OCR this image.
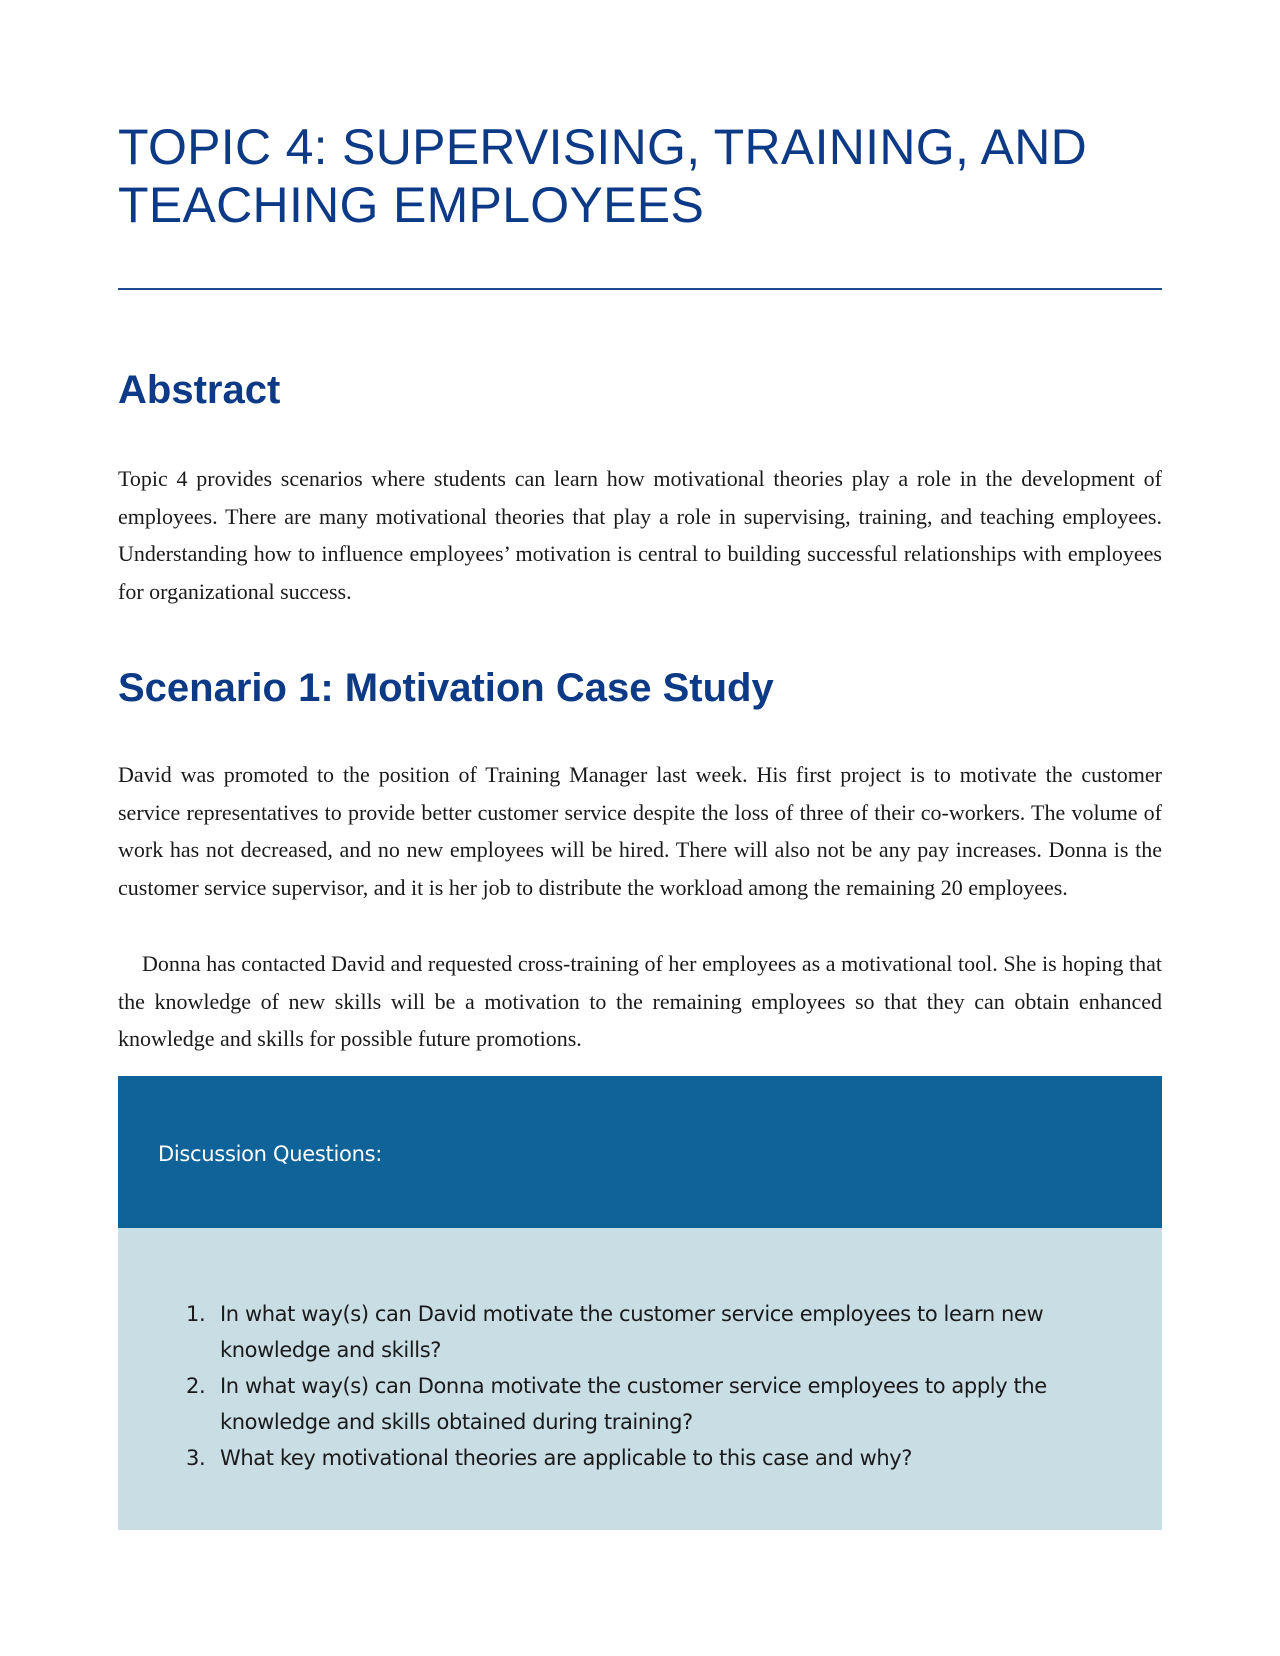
TOPIC 4: SUPERVISING, TRAINING, AND TEACHING EMPLOYEES
Abstract

Topic 4 provides scenarios where students can learn how motivational theories play a role in the development of employees. There are many motivational theories that play a role in supervising, training, and teaching employees. Understanding how to influence employees’ motivation is central to building successful relationships with employees for organizational success.

Scenario 1: Motivation Case Study

David was promoted to the position of Training Manager last week. His first project is to motivate the customer service representatives to provide better customer service despite the loss of three of their co-workers. The volume of work has not decreased, and no new employees will be hired. There will also not be any pay increases. Donna is the customer service supervisor, and it is her job to distribute the workload among the remaining 20 employees.

Donna has contacted David and requested cross-training of her employees as a motivational tool. She is hoping that the knowledge of new skills will be a motivation to the remaining employees so that they can obtain enhanced knowledge and skills for possible future promotions.

Discussion Questions:
1. In what way(s) can David motivate the customer service employees to learn new knowledge and skills?
2. In what way(s) can Donna motivate the customer service employees to apply the knowledge and skills obtained during training?
3. What key motivational theories are applicable to this case and why?
